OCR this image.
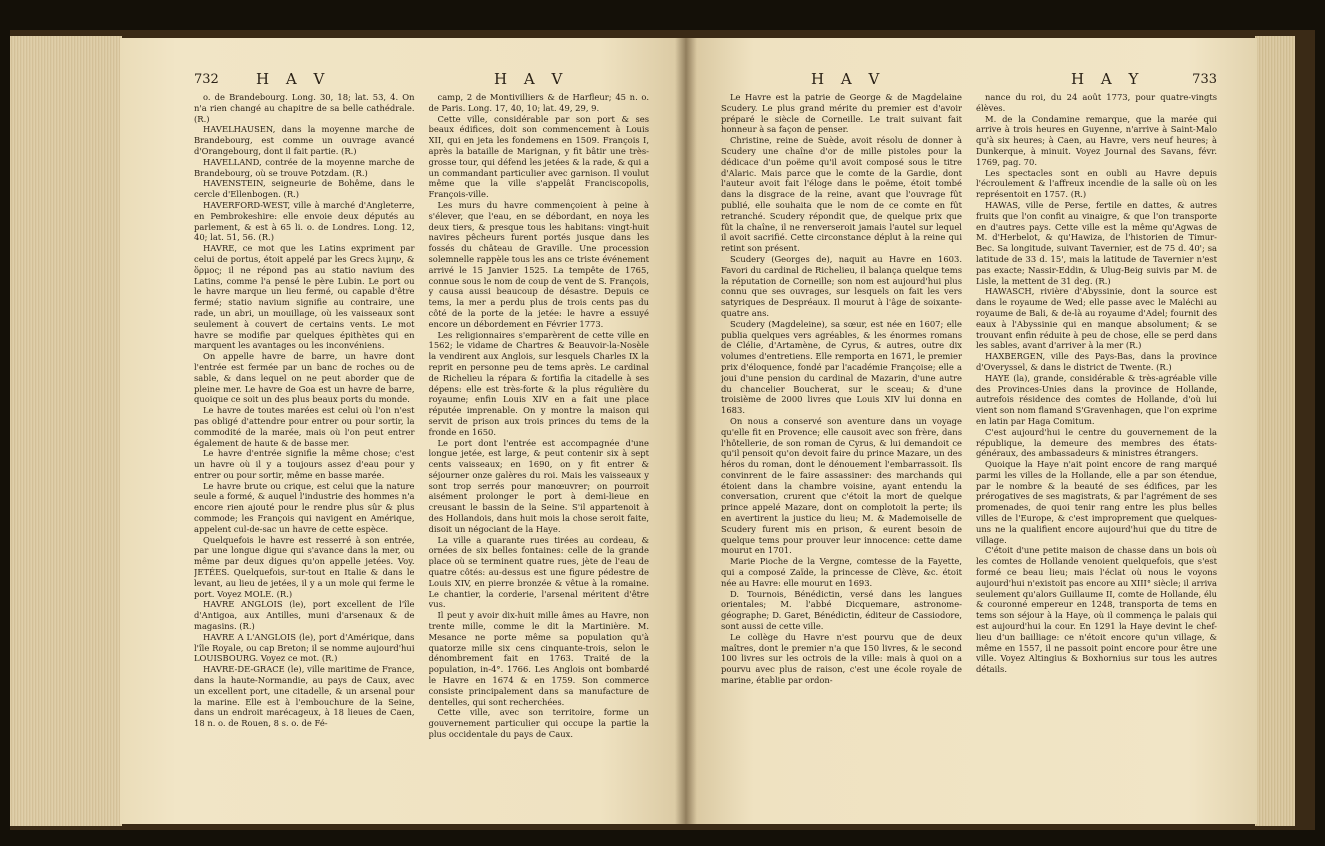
732 H A V	H A V

o. de Brandebourg. Long. 30, 18; lat. 53, 4. On n'a rien changé au chapitre de sa belle cathédrale. (R.)

HAVELHAUSEN, dans la moyenne marche de Brandebourg, est comme un ouvrage avancé d'Orangebourg, dont il fait partie. (R.)

HAVELLAND, contrée de la moyenne marche de Brandebourg, où se trouve Potzdam. (R.)

HAVENSTEIN, seigneurie de Bohême, dans le cercle d'Ellenbogen. (R.)

HAVERFORD-WEST, ville à marché d'Angleterre, en Pembrokeshire: elle envoie deux députés au parlement, & est à 65 li. o. de Londres. Long. 12, 40; lat. 51, 56. (R.)

HAVRE, ce mot que les Latins expriment par celui de portus, étoit appelé par les Grecs λιμην, & ὅρμος; il ne répond pas au statio navium des Latins, comme l'a pensé le père Lubin. Le port ou le havre marque un lieu fermé, ou capable d'être fermé; statio navium signifie au contraire, une rade, un abri, un mouillage, où les vaisseaux sont seulement à couvert de certains vents. Le mot havre se modifie par quelques épithètes qui en marquent les avantages ou les inconvéniens.

On appelle havre de barre, un havre dont l'entrée est fermée par un banc de roches ou de sable, & dans lequel on ne peut aborder que de pleine mer. Le havre de Goa est un havre de barre, quoique ce soit un des plus beaux ports du monde.

Le havre de toutes marées est celui où l'on n'est pas obligé d'attendre pour entrer ou pour sortir, la commodité de la marée, mais où l'on peut entrer également de haute & de basse mer.

Le havre d'entrée signifie la même chose; c'est un havre où il y a toujours assez d'eau pour y entrer ou pour sortir, même en basse marée.

Le havre brute ou crique, est celui que la nature seule a formé, & auquel l'industrie des hommes n'a encore rien ajouté pour le rendre plus sûr & plus commode; les François qui navigent en Amérique, appelent cul-de-sac un havre de cette espèce.

Quelquefois le havre est resserré à son entrée, par une longue digue qui s'avance dans la mer, ou même par deux digues qu'on appelle jetées. Voy. JETÉES. Quelquefois, sur-tout en Italie & dans le levant, au lieu de jetées, il y a un mole qui ferme le port. Voyez MOLE. (R.)

HAVRE ANGLOIS (le), port excellent de l'île d'Antigoa, aux Antilles, muni d'arsenaux & de magasins. (R.)

HAVRE A L'ANGLOIS (le), port d'Amérique, dans l'île Royale, ou cap Breton; il se nomme aujourd'hui LOUISBOURG. Voyez ce mot. (R.)

HAVRE-DE-GRACE (le), ville maritime de France, dans la haute-Normandie, au pays de Caux, avec un excellent port, une citadelle, & un arsenal pour la marine. Elle est à l'embouchure de la Seine, dans un endroit marécageux, à 18 lieues de Caen, 18 n. o. de Rouen, 8 s. o. de Fé-

camp, 2 de Montivilliers & de Harfleur; 45 n. o. de Paris. Long. 17, 40, 10; lat. 49, 29, 9.

Cette ville, considérable par son port & ses beaux édifices, doit son commencement à Louis XII, qui en jeta les fondemens en 1509. François I, après la bataille de Marignan, y fit bâtir une très-grosse tour, qui défend les jetées & la rade, & qui a un commandant particulier avec garnison. Il voulut même que la ville s'appelât Franciscopolis, François-ville.

Les murs du havre commençoient à peine à s'élever, que l'eau, en se débordant, en noya les deux tiers, & presque tous les habitans: vingt-huit navires pêcheurs furent portés jusque dans les fossés du château de Graville. Une procession solemnelle rappèle tous les ans ce triste événement arrivé le 15 Janvier 1525. La tempête de 1765, connue sous le nom de coup de vent de S. François, y causa aussi beaucoup de désastre. Depuis ce tems, la mer a perdu plus de trois cents pas du côté de la porte de la jetée: le havre a essuyé encore un débordement en Février 1773.

Les religionnaires s'emparèrent de cette ville en 1562; le vidame de Chartres & Beauvoir-la-Nosèle la vendirent aux Anglois, sur lesquels Charles IX la reprit en personne peu de tems après. Le cardinal de Richelieu la répara & fortifia la citadelle à ses dépens: elle est très-forte & la plus régulière du royaume; enfin Louis XIV en a fait une place réputée imprenable. On y montre la maison qui servit de prison aux trois princes du tems de la fronde en 1650.

Le port dont l'entrée est accompagnée d'une longue jetée, est large, & peut contenir six à sept cents vaisseaux; en 1690, on y fit entrer & séjourner onze galères du roi. Mais les vaisseaux y sont trop serrés pour manœuvrer; on pourroit aisément prolonger le port à demi-lieue en creusant le bassin de la Seine. S'il appartenoit à des Hollandois, dans huit mois la chose seroit faite, disoit un négociant de la Haye.

La ville a quarante rues tirées au cordeau, & ornées de six belles fontaines: celle de la grande place où se terminent quatre rues, jète de l'eau de quatre côtés: au-dessus est une figure pédestre de Louis XIV, en pierre bronzée & vêtue à la romaine. Le chantier, la corderie, l'arsenal méritent d'être vus.

Il peut y avoir dix-huit mille âmes au Havre, non trente mille, comme le dit la Martinière. M. Mesance ne porte même sa population qu'à quatorze mille six cens cinquante-trois, selon le dénombrement fait en 1763. Traité de la population, in-4°. 1766. Les Anglois ont bombardé le Havre en 1674 & en 1759. Son commerce consiste principalement dans sa manufacture de dentelles, qui sont recherchées.

Cette ville, avec son territoire, forme un gouvernement particulier qui occupe la partie la plus occidentale du pays de Caux.

H A V	H A Y	733

Le Havre est la patrie de George & de Magdelaine Scudery. Le plus grand mérite du premier est d'avoir préparé le siècle de Corneille. Le trait suivant fait honneur à sa façon de penser.

Christine, reine de Suède, avoit résolu de donner à Scudery une chaîne d'or de mille pistoles pour la dédicace d'un poëme qu'il avoit composé sous le titre d'Alaric. Mais parce que le comte de la Gardie, dont l'auteur avoit fait l'éloge dans le poëme, étoit tombé dans la disgrace de la reine, avant que l'ouvrage fût publié, elle souhaita que le nom de ce comte en fût retranché. Scudery répondit que, de quelque prix que fût la chaîne, il ne renverseroit jamais l'autel sur lequel il avoit sacrifié. Cette circonstance déplut à la reine qui retint son présent.

Scudery (Georges de), naquit au Havre en 1603. Favori du cardinal de Richelieu, il balança quelque tems la réputation de Corneille; son nom est aujourd'hui plus connu que ses ouvrages, sur lesquels on fait les vers satyriques de Despréaux. Il mourut à l'âge de soixante-quatre ans.

Scudery (Magdeleine), sa sœur, est née en 1607; elle publia quelques vers agréables, & les énormes romans de Clélie, d'Artamène, de Cyrus, & autres, outre dix volumes d'entretiens. Elle remporta en 1671, le premier prix d'éloquence, fondé par l'académie Françoise; elle a joui d'une pension du cardinal de Mazarin, d'une autre du chancelier Boucherat, sur le sceau; & d'une troisième de 2000 livres que Louis XIV lui donna en 1683.

On nous a conservé son aventure dans un voyage qu'elle fit en Provence; elle causoit avec son frère, dans l'hôtellerie, de son roman de Cyrus, & lui demandoit ce qu'il pensoit qu'on devoit faire du prince Mazare, un des héros du roman, dont le dénouement l'embarrassoit. Ils convinrent de le faire assassiner: des marchands qui étoient dans la chambre voisine, ayant entendu la conversation, crurent que c'étoit la mort de quelque prince appelé Mazare, dont on complotoit la perte; ils en avertirent la justice du lieu; M. & Mademoiselle de Scudery furent mis en prison, & eurent besoin de quelque tems pour prouver leur innocence: cette dame mourut en 1701.

Marie Pioche de la Vergne, comtesse de la Fayette, qui a composé Zaïde, la princesse de Clève, &c. étoit née au Havre: elle mourut en 1693.

D. Tournois, Bénédictin, versé dans les langues orientales; M. l'abbé Dicquemare, astronome-géographe; D. Garet, Bénédictin, éditeur de Cassiodore, sont aussi de cette ville.

Le collège du Havre n'est pourvu que de deux maîtres, dont le premier n'a que 150 livres, & le second 100 livres sur les octrois de la ville: mais à quoi on a pourvu avec plus de raison, c'est une école royale de marine, établie par ordon-

nance du roi, du 24 août 1773, pour quatre-vingts élèves.

M. de la Condamine remarque, que la marée qui arrive à trois heures en Guyenne, n'arrive à Saint-Malo qu'à six heures; à Caen, au Havre, vers neuf heures; à Dunkerque, à minuit. Voyez Journal des Savans, févr. 1769, pag. 70.

Les spectacles sont en oubli au Havre depuis l'écroulement & l'affreux incendie de la salle où on les représentoit en 1757. (R.)

HAWAS, ville de Perse, fertile en dattes, & autres fruits que l'on confit au vinaigre, & que l'on transporte en d'autres pays. Cette ville est la même qu'Agwas de M. d'Herbelot, & qu'Hawiza, de l'historien de Timur-Bec. Sa longitude, suivant Tavernier, est de 75 d. 40'; sa latitude de 33 d. 15', mais la latitude de Tavernier n'est pas exacte; Nassir-Eddin, & Ulug-Beig suivis par M. de Lisle, la mettent de 31 deg. (R.)

HAWASCH, rivière d'Abyssinie, dont la source est dans le royaume de Wed; elle passe avec le Maléchi au royaume de Bali, & de-là au royaume d'Adel; fournit des eaux à l'Abyssinie qui en manque absolument; & se trouvant enfin réduite à peu de chose, elle se perd dans les sables, avant d'arriver à la mer (R.)

HAXBERGEN, ville des Pays-Bas, dans la province d'Overyssel, & dans le district de Twente. (R.)

HAYE (la), grande, considérable & très-agréable ville des Provinces-Unies dans la province de Hollande, autrefois résidence des comtes de Hollande, d'où lui vient son nom flamand S'Gravenhagen, que l'on exprime en latin par Haga Comitum.

C'est aujourd'hui le centre du gouvernement de la république, la demeure des membres des états-généraux, des ambassadeurs & ministres étrangers.

Quoique la Haye n'ait point encore de rang marqué parmi les villes de la Hollande, elle a par son étendue, par le nombre & la beauté de ses édifices, par les prérogatives de ses magistrats, & par l'agrément de ses promenades, de quoi tenir rang entre les plus belles villes de l'Europe, & c'est improprement que quelques-uns ne la qualifient encore aujourd'hui que du titre de village.

C'étoit d'une petite maison de chasse dans un bois où les comtes de Hollande venoient quelquefois, que s'est formé ce beau lieu; mais l'éclat où nous le voyons aujourd'hui n'existoit pas encore au XIII° siècle; il arriva seulement qu'alors Guillaume II, comte de Hollande, élu & couronné empereur en 1248, transporta de tems en tems son séjour à la Haye, où il commença le palais qui est aujourd'hui la cour. En 1291 la Haye devint le chef-lieu d'un bailliage: ce n'étoit encore qu'un village, & même en 1557, il ne passoit point encore pour être une ville. Voyez Altingius & Boxhornius sur tous les autres détails.
